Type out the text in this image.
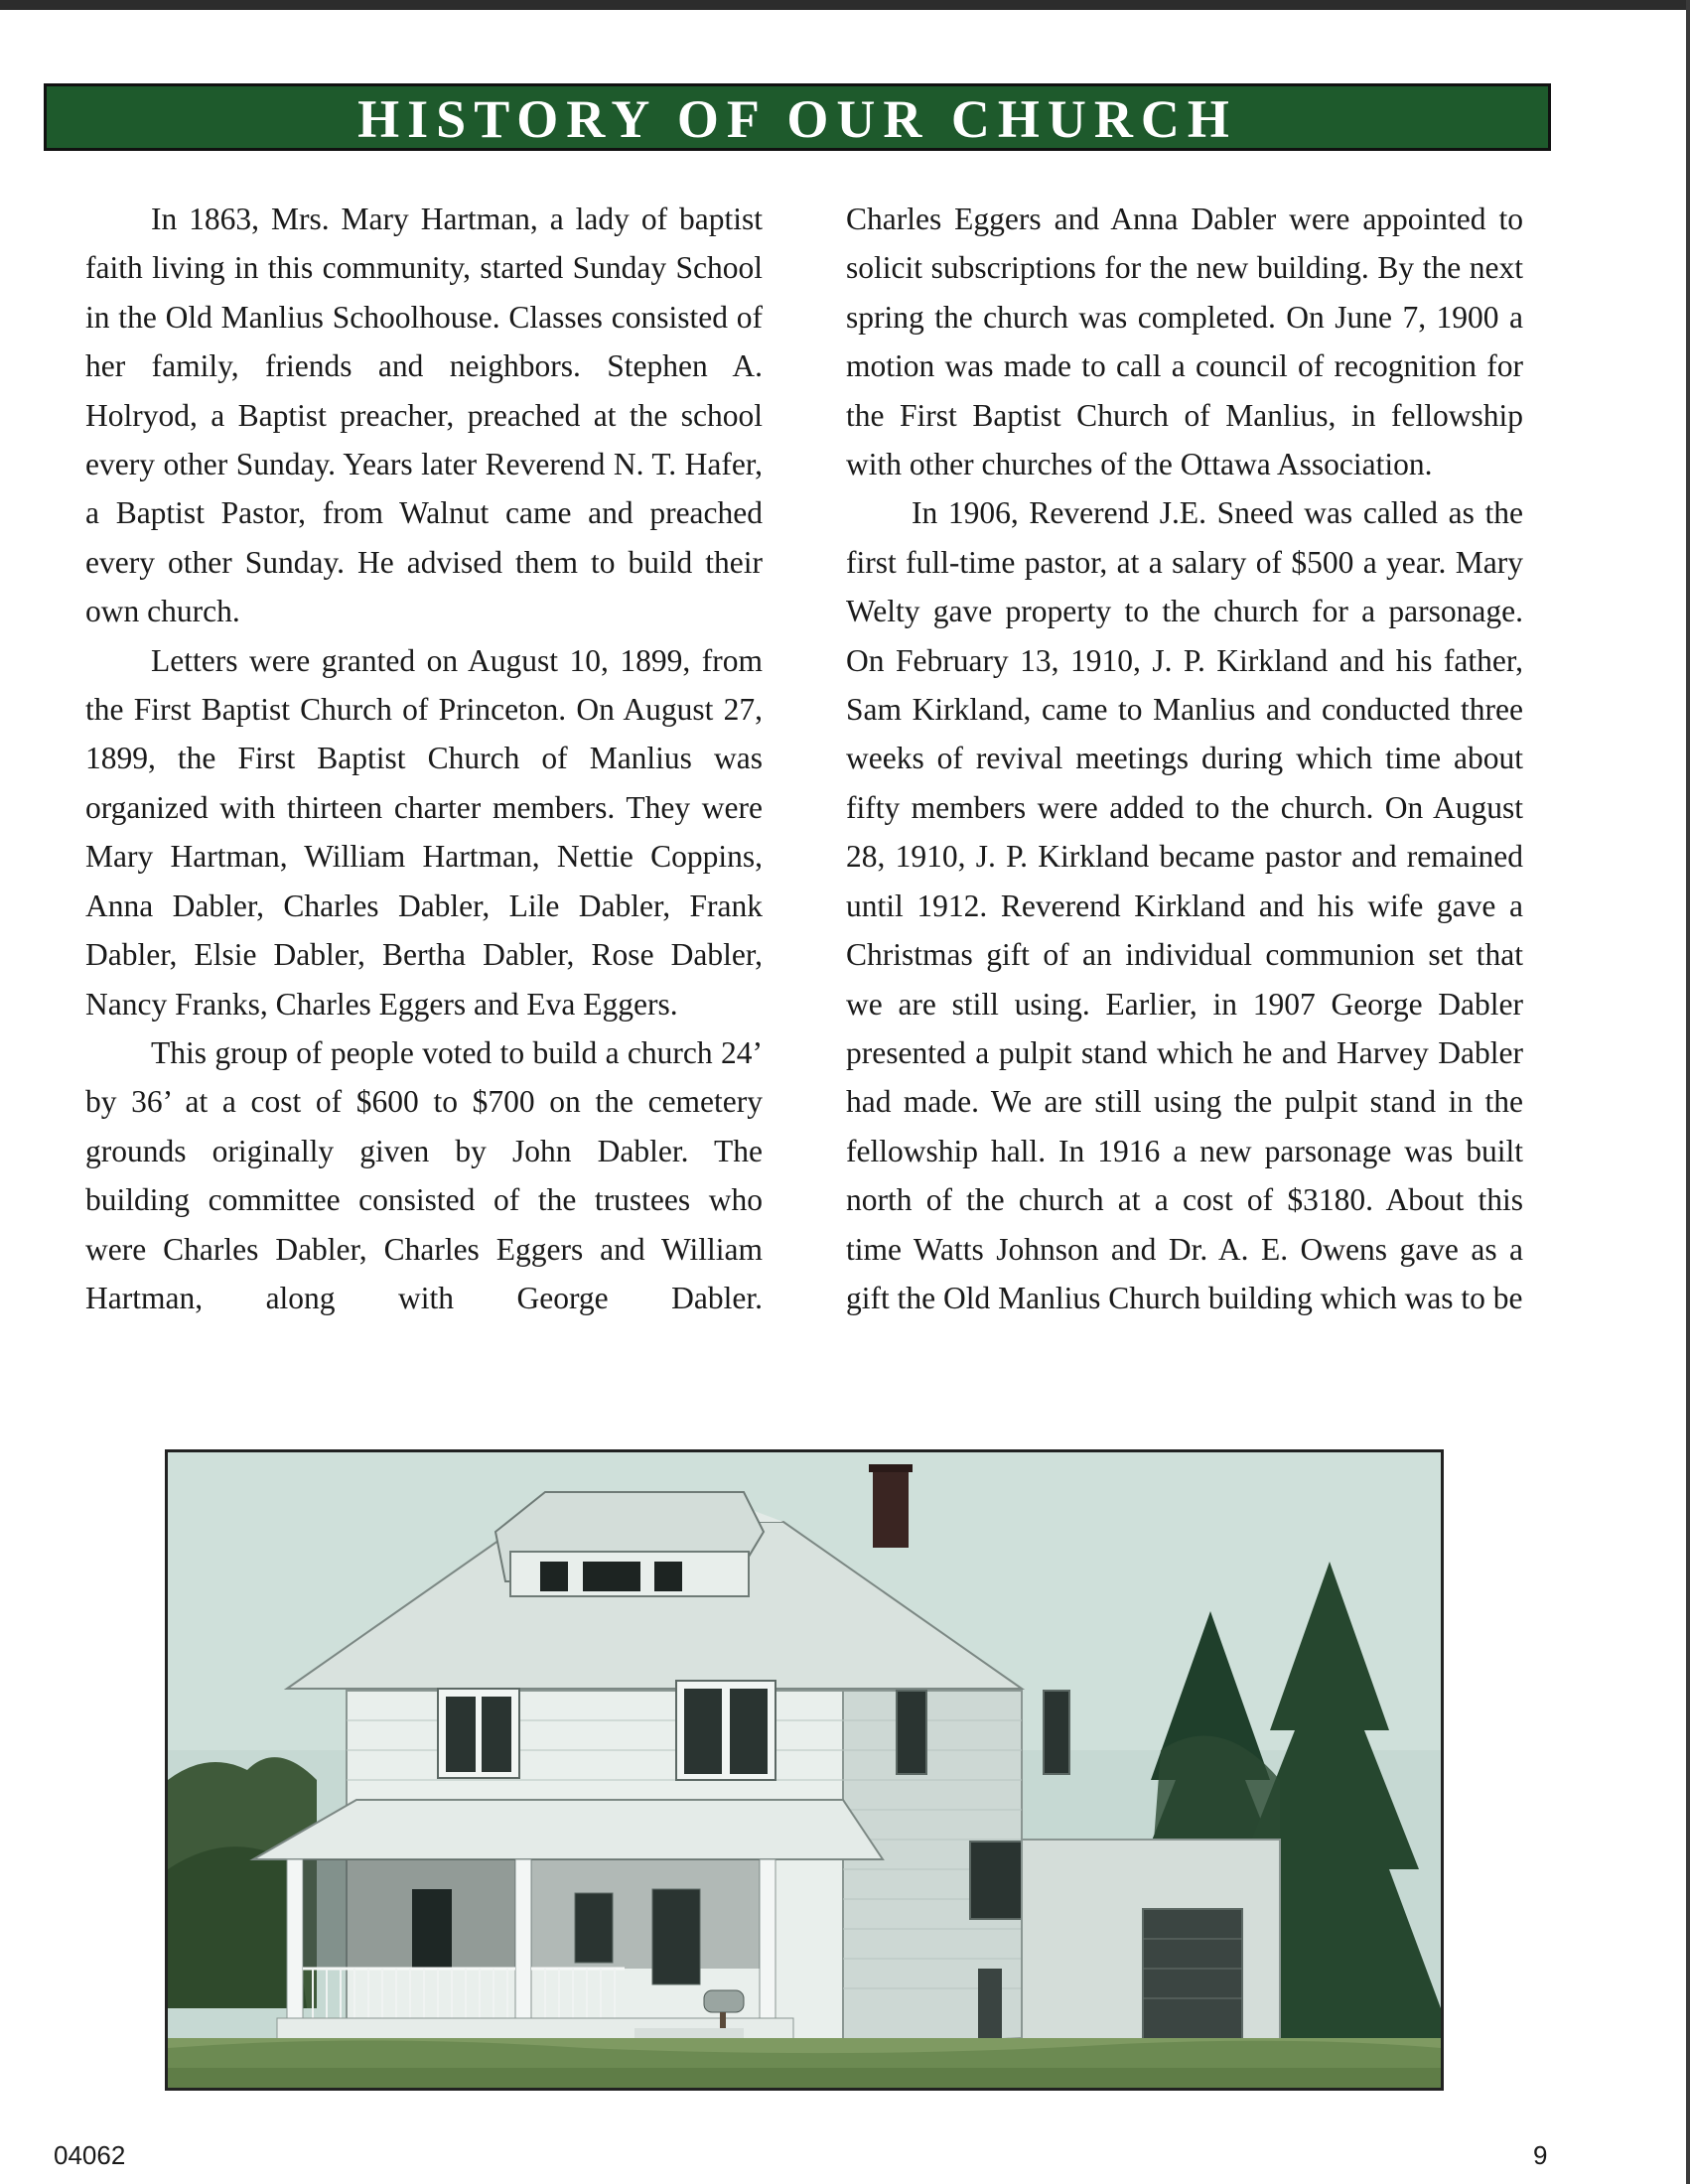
HISTORY OF OUR CHURCH

In 1863, Mrs. Mary Hartman, a lady of baptist faith living in this community, started Sunday School in the Old Manlius Schoolhouse. Classes consisted of her family, friends and neighbors. Stephen A. Holryod, a Baptist preacher, preached at the school every other Sunday. Years later Reverend N. T. Hafer, a Baptist Pastor, from Walnut came and preached every other Sunday. He advised them to build their own church.

Letters were granted on August 10, 1899, from the First Baptist Church of Princeton. On August 27, 1899, the First Baptist Church of Manlius was organized with thirteen charter members. They were Mary Hartman, William Hartman, Nettie Coppins, Anna Dabler, Charles Dabler, Lile Dabler, Frank Dabler, Elsie Dabler, Bertha Dabler, Rose Dabler, Nancy Franks, Charles Eggers and Eva Eggers.

This group of people voted to build a church 24’ by 36’ at a cost of $600 to $700 on the cemetery grounds originally given by John Dabler. The building committee consisted of the trustees who were Charles Dabler, Charles Eggers and William Hartman, along with George Dabler.

Charles Eggers and Anna Dabler were appointed to solicit subscriptions for the new building. By the next spring the church was completed. On June 7, 1900 a motion was made to call a council of recognition for the First Baptist Church of Manlius, in fellowship with other churches of the Ottawa Association.

In 1906, Reverend J.E. Sneed was called as the first full-time pastor, at a salary of $500 a year. Mary Welty gave property to the church for a parsonage. On February 13, 1910, J. P. Kirkland and his father, Sam Kirkland, came to Manlius and conducted three weeks of revival meetings during which time about fifty members were added to the church. On August 28, 1910, J. P. Kirkland became pastor and remained until 1912. Reverend Kirkland and his wife gave a Christmas gift of an individual communion set that we are still using. Earlier, in 1907 George Dabler presented a pulpit stand which he and Harvey Dabler had made. We are still using the pulpit stand in the fellowship hall. In 1916 a new parsonage was built north of the church at a cost of $3180. About this time Watts Johnson and Dr. A. E. Owens gave as a gift the Old Manlius Church building which was to be

04062	9
